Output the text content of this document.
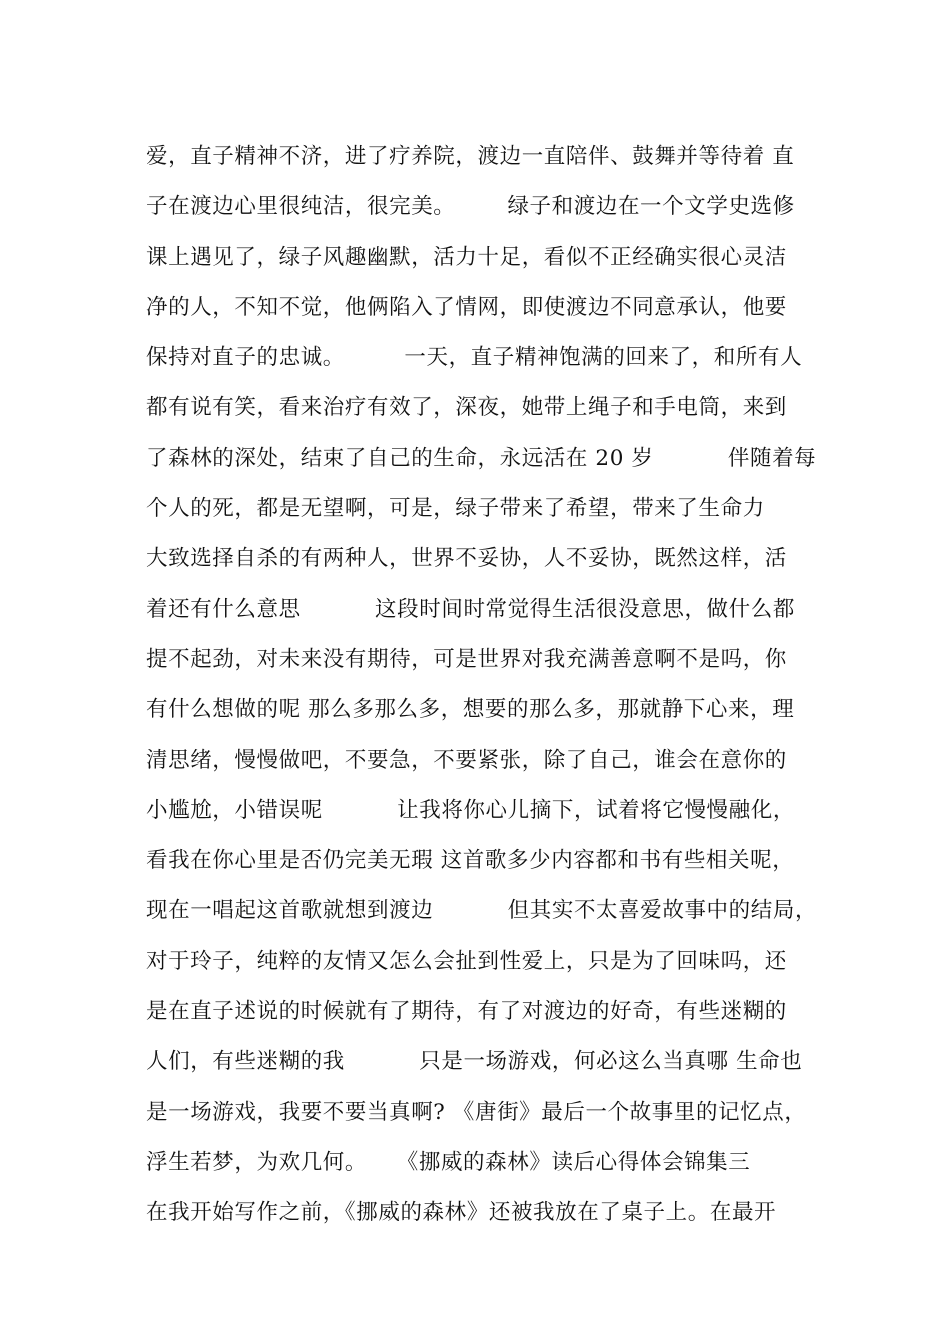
爱，直子精神不济，进了疗养院，渡边一直陪伴、鼓舞并等待着 直
子在渡边心里很纯洁，很完美。       绿子和渡边在一个文学史选修
课上遇见了，绿子风趣幽默，活力十足，看似不正经确实很心灵洁
净的人，不知不觉，他俩陷入了情网，即使渡边不同意承认，他要
保持对直子的忠诚。        一天，直子精神饱满的回来了，和所有人
都有说有笑，看来治疗有效了，深夜，她带上绳子和手电筒，来到
了森林的深处，结束了自己的生命，永远活在 20 岁          伴随着每
个人的死，都是无望啊，可是，绿子带来了希望，带来了生命力
大致选择自杀的有两种人，世界不妥协，人不妥协，既然这样，活
着还有什么意思          这段时间时常觉得生活很没意思，做什么都
提不起劲，对未来没有期待，可是世界对我充满善意啊不是吗，你
有什么想做的呢 那么多那么多，想要的那么多，那就静下心来，理
清思绪，慢慢做吧，不要急，不要紧张，除了自己，谁会在意你的
小尴尬，小错误呢          让我将你心儿摘下，试着将它慢慢融化，
看我在你心里是否仍完美无瑕 这首歌多少内容都和书有些相关呢，
现在一唱起这首歌就想到渡边          但其实不太喜爱故事中的结局，
对于玲子，纯粹的友情又怎么会扯到性爱上，只是为了回味吗，还
是在直子述说的时候就有了期待，有了对渡边的好奇，有些迷糊的
人们，有些迷糊的我          只是一场游戏，何必这么当真哪 生命也
是一场游戏，我要不要当真啊? 《唐街》最后一个故事里的记忆点，
浮生若梦，为欢几何。    《挪威的森林》读后心得体会锦集三
在我开始写作之前，《挪威的森林》还被我放在了桌子上。在最开
